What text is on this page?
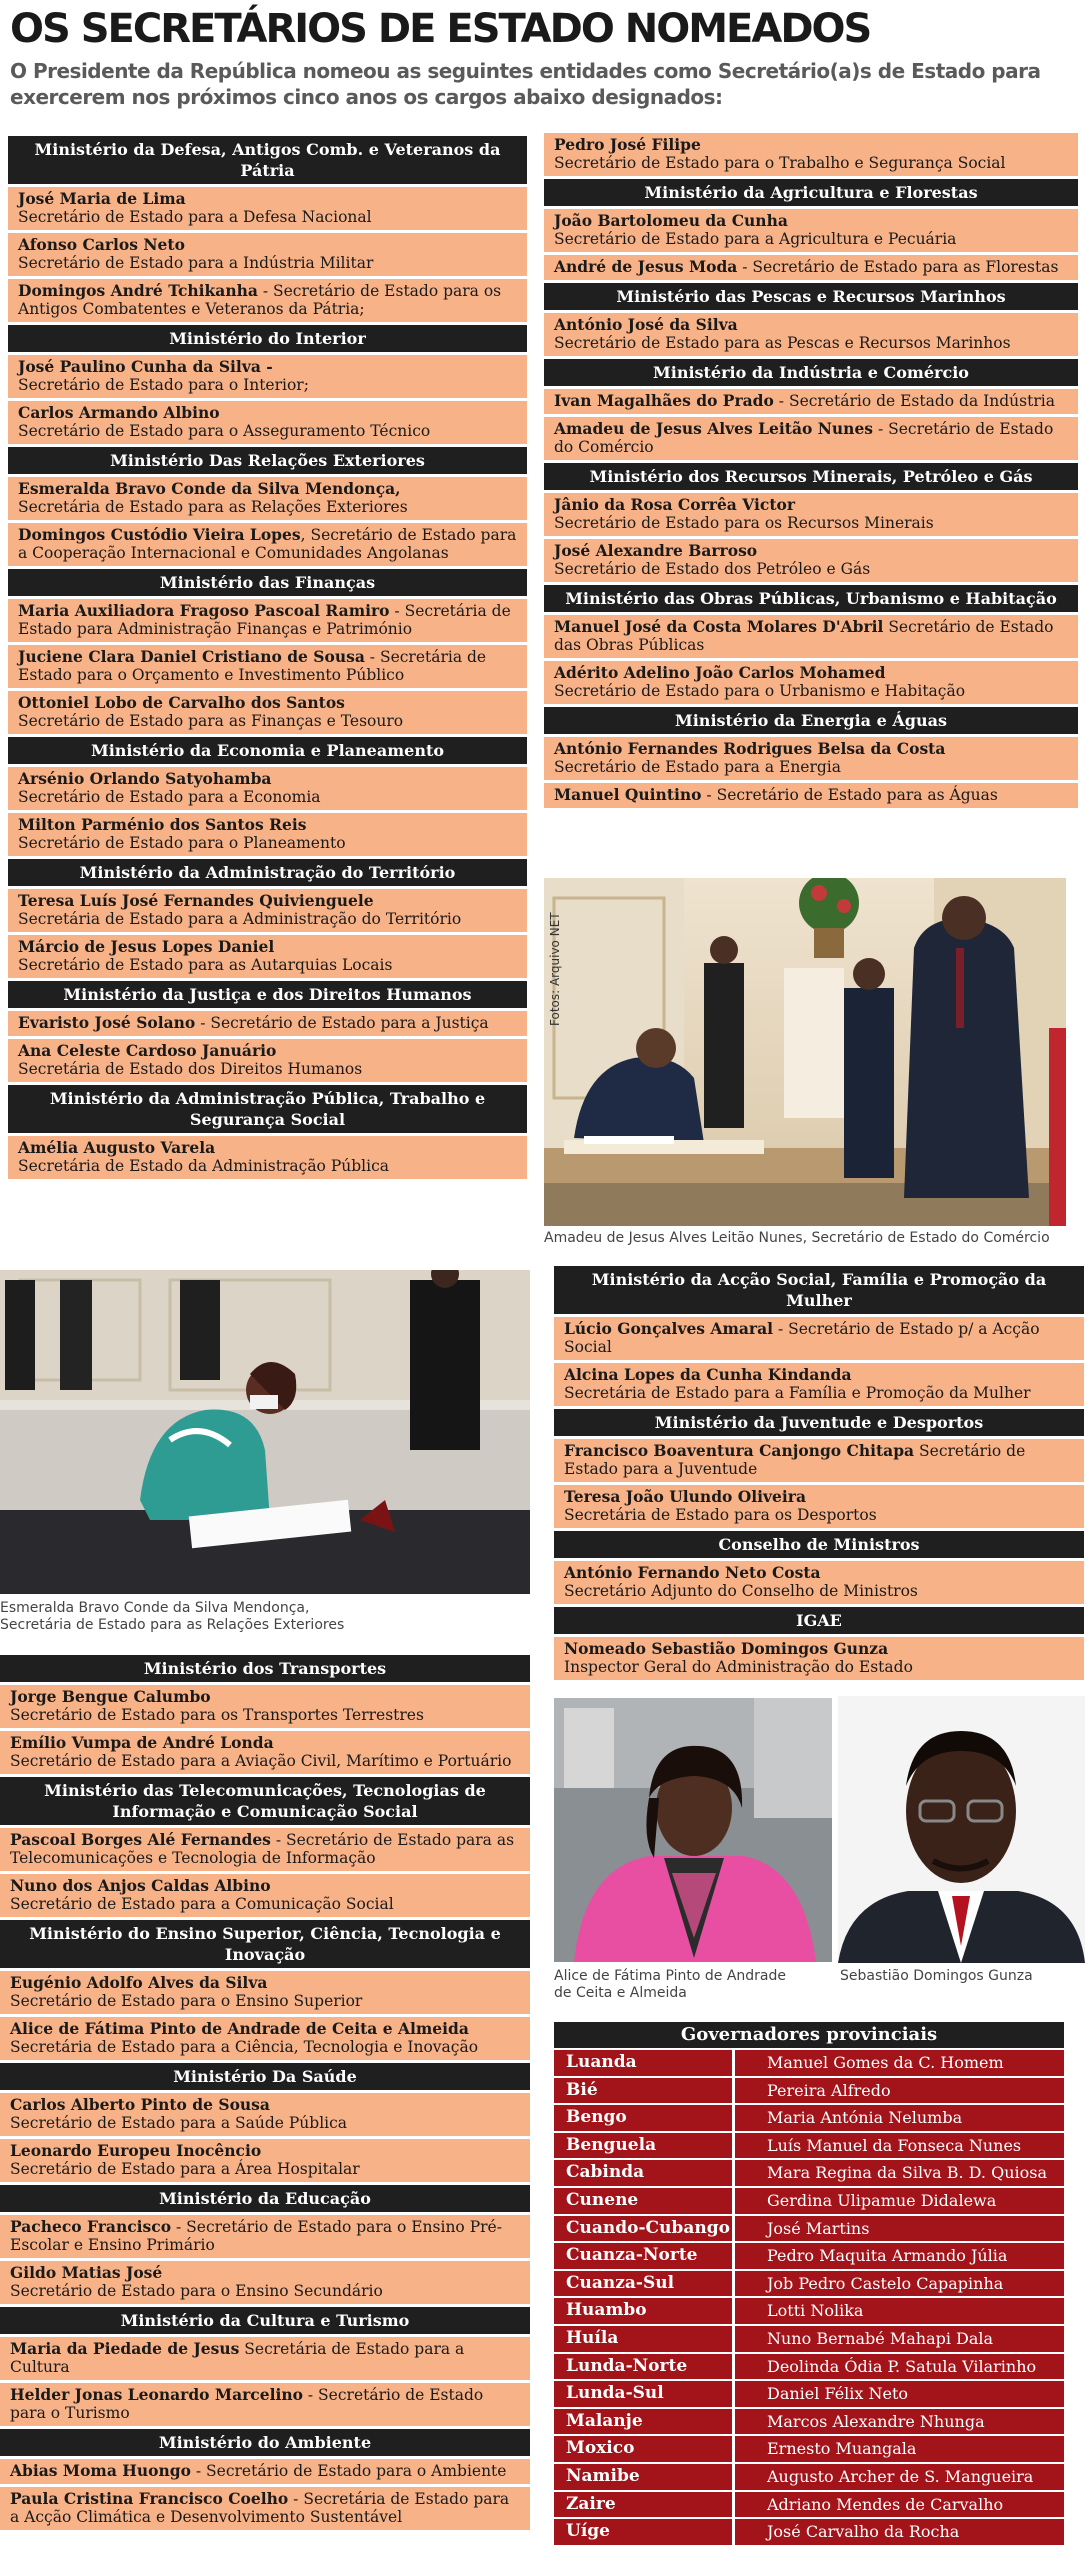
OS SECRETÁRIOS DE ESTADO NOMEADOS

O Presidente da República nomeou as seguintes entidades como Secretário(a)s de Estado para exercerem nos próximos cinco anos os cargos abaixo designados:

Ministério da Defesa, Antigos Comb. e Veteranos da Pátria
José Maria de Lima
Secretário de Estado para a Defesa Nacional
Afonso Carlos Neto
Secretário de Estado para a Indústria Militar
Domingos André Tchikanha - Secretário de Estado para os Antigos Combatentes e Veteranos da Pátria;
Ministério do Interior
José Paulino Cunha da Silva -
Secretário de Estado para o Interior;
Carlos Armando Albino
Secretário de Estado para o Asseguramento Técnico
Ministério Das Relações Exteriores
Esmeralda Bravo Conde da Silva Mendonça,
Secretária de Estado para as Relações Exteriores
Domingos Custódio Vieira Lopes, Secretário de Estado para a Cooperação Internacional e Comunidades Angolanas
Ministério das Finanças
Maria Auxiliadora Fragoso Pascoal Ramiro - Secretária de Estado para Administração Finanças e Património
Juciene Clara Daniel Cristiano de Sousa - Secretária de Estado para o Orçamento e Investimento Público
Ottoniel Lobo de Carvalho dos Santos
Secretário de Estado para as Finanças e Tesouro
Ministério da Economia e Planeamento
Arsénio Orlando Satyohamba
Secretário de Estado para a Economia
Milton Parménio dos Santos Reis
Secretário de Estado para o Planeamento
Ministério da Administração do Território
Teresa Luís José Fernandes Quivienguele
Secretária de Estado para a Administração do Território
Márcio de Jesus Lopes Daniel
Secretário de Estado para as Autarquias Locais
Ministério da Justiça e dos Direitos Humanos
Evaristo José Solano - Secretário de Estado para a Justiça
Ana Celeste Cardoso Januário
Secretária de Estado dos Direitos Humanos
Ministério da Administração Pública, Trabalho e Segurança Social
Amélia Augusto Varela
Secretária de Estado da Administração Pública
Pedro José Filipe
Secretário de Estado para o Trabalho e Segurança Social
Ministério da Agricultura e Florestas
João Bartolomeu da Cunha
Secretário de Estado para a Agricultura e Pecuária
André de Jesus Moda - Secretário de Estado para as Florestas
Ministério das Pescas e Recursos Marinhos
António José da Silva
Secretário de Estado para as Pescas e Recursos Marinhos
Ministério da Indústria e Comércio
Ivan Magalhães do Prado - Secretário de Estado da Indústria
Amadeu de Jesus Alves Leitão Nunes - Secretário de Estado do Comércio
Ministério dos Recursos Minerais, Petróleo e Gás
Jânio da Rosa Corrêa Victor
Secretário de Estado para os Recursos Minerais
José Alexandre Barroso
Secretário de Estado dos Petróleo e Gás
Ministério das Obras Públicas, Urbanismo e Habitação
Manuel José da Costa Molares D'Abril Secretário de Estado das Obras Públicas
Adérito Adelino João Carlos Mohamed
Secretário de Estado para o Urbanismo e Habitação
Ministério da Energia e Águas
António Fernandes Rodrigues Belsa da Costa
Secretário de Estado para a Energia
Manuel Quintino - Secretário de Estado para as Águas
Fotos: Arquivo NET
Amadeu de Jesus Alves Leitão Nunes, Secretário de Estado do Comércio
Esmeralda Bravo Conde da Silva Mendonça, Secretária de Estado para as Relações Exteriores
Ministério da Acção Social, Família e Promoção da Mulher
Lúcio Gonçalves Amaral - Secretário de Estado p/ a Acção Social
Alcina Lopes da Cunha Kindanda
Secretária de Estado para a Família e Promoção da Mulher
Ministério da Juventude e Desportos
Francisco Boaventura Canjongo Chitapa Secretário de Estado para a Juventude
Teresa João Ulundo Oliveira
Secretária de Estado para os Desportos
Conselho de Ministros
António Fernando Neto Costa
Secretário Adjunto do Conselho de Ministros
IGAE
Nomeado Sebastião Domingos Gunza
Inspector Geral do Administração do Estado
Alice de Fátima Pinto de Andrade de Ceita e Almeida
Sebastião Domingos Gunza
Governadores provinciais
Luanda	Manuel Gomes da C. Homem
Bié	Pereira Alfredo
Bengo	Maria Antónia Nelumba
Benguela	Luís Manuel da Fonseca Nunes
Cabinda	Mara Regina da Silva B. D. Quiosa
Cunene	Gerdina Ulipamue Didalewa
Cuando-Cubango	José Martins
Cuanza-Norte	Pedro Maquita Armando Júlia
Cuanza-Sul	Job Pedro Castelo Capapinha
Huambo	Lotti Nolika
Huíla	Nuno Bernabé Mahapi Dala
Lunda-Norte	Deolinda Ódia P. Satula Vilarinho
Lunda-Sul	Daniel Félix Neto
Malanje	Marcos Alexandre Nhunga
Moxico	Ernesto Muangala
Namibe	Augusto Archer de S. Mangueira
Zaire	Adriano Mendes de Carvalho
Uíge	José Carvalho da Rocha
Ministério dos Transportes
Jorge Bengue Calumbo
Secretário de Estado para os Transportes Terrestres
Emílio Vumpa de André Londa
Secretário de Estado para a Aviação Civil, Marítimo e Portuário
Ministério das Telecomunicações, Tecnologias de Informação e Comunicação Social
Pascoal Borges Alé Fernandes - Secretário de Estado para as Telecomunicações e Tecnologia de Informação
Nuno dos Anjos Caldas Albino
Secretário de Estado para a Comunicação Social
Ministério do Ensino Superior, Ciência, Tecnologia e Inovação
Eugénio Adolfo Alves da Silva
Secretário de Estado para o Ensino Superior
Alice de Fátima Pinto de Andrade de Ceita e Almeida
Secretária de Estado para a Ciência, Tecnologia e Inovação
Ministério Da Saúde
Carlos Alberto Pinto de Sousa
Secretário de Estado para a Saúde Pública
Leonardo Europeu Inocêncio
Secretário de Estado para a Área Hospitalar
Ministério da Educação
Pacheco Francisco - Secretário de Estado para o Ensino Pré-Escolar e Ensino Primário
Gildo Matias José
Secretário de Estado para o Ensino Secundário
Ministério da Cultura e Turismo
Maria da Piedade de Jesus Secretária de Estado para a Cultura
Helder Jonas Leonardo Marcelino - Secretário de Estado para o Turismo
Ministério do Ambiente
Abias Moma Huongo - Secretário de Estado para o Ambiente
Paula Cristina Francisco Coelho - Secretária de Estado para a Acção Climática e Desenvolvimento Sustentável
